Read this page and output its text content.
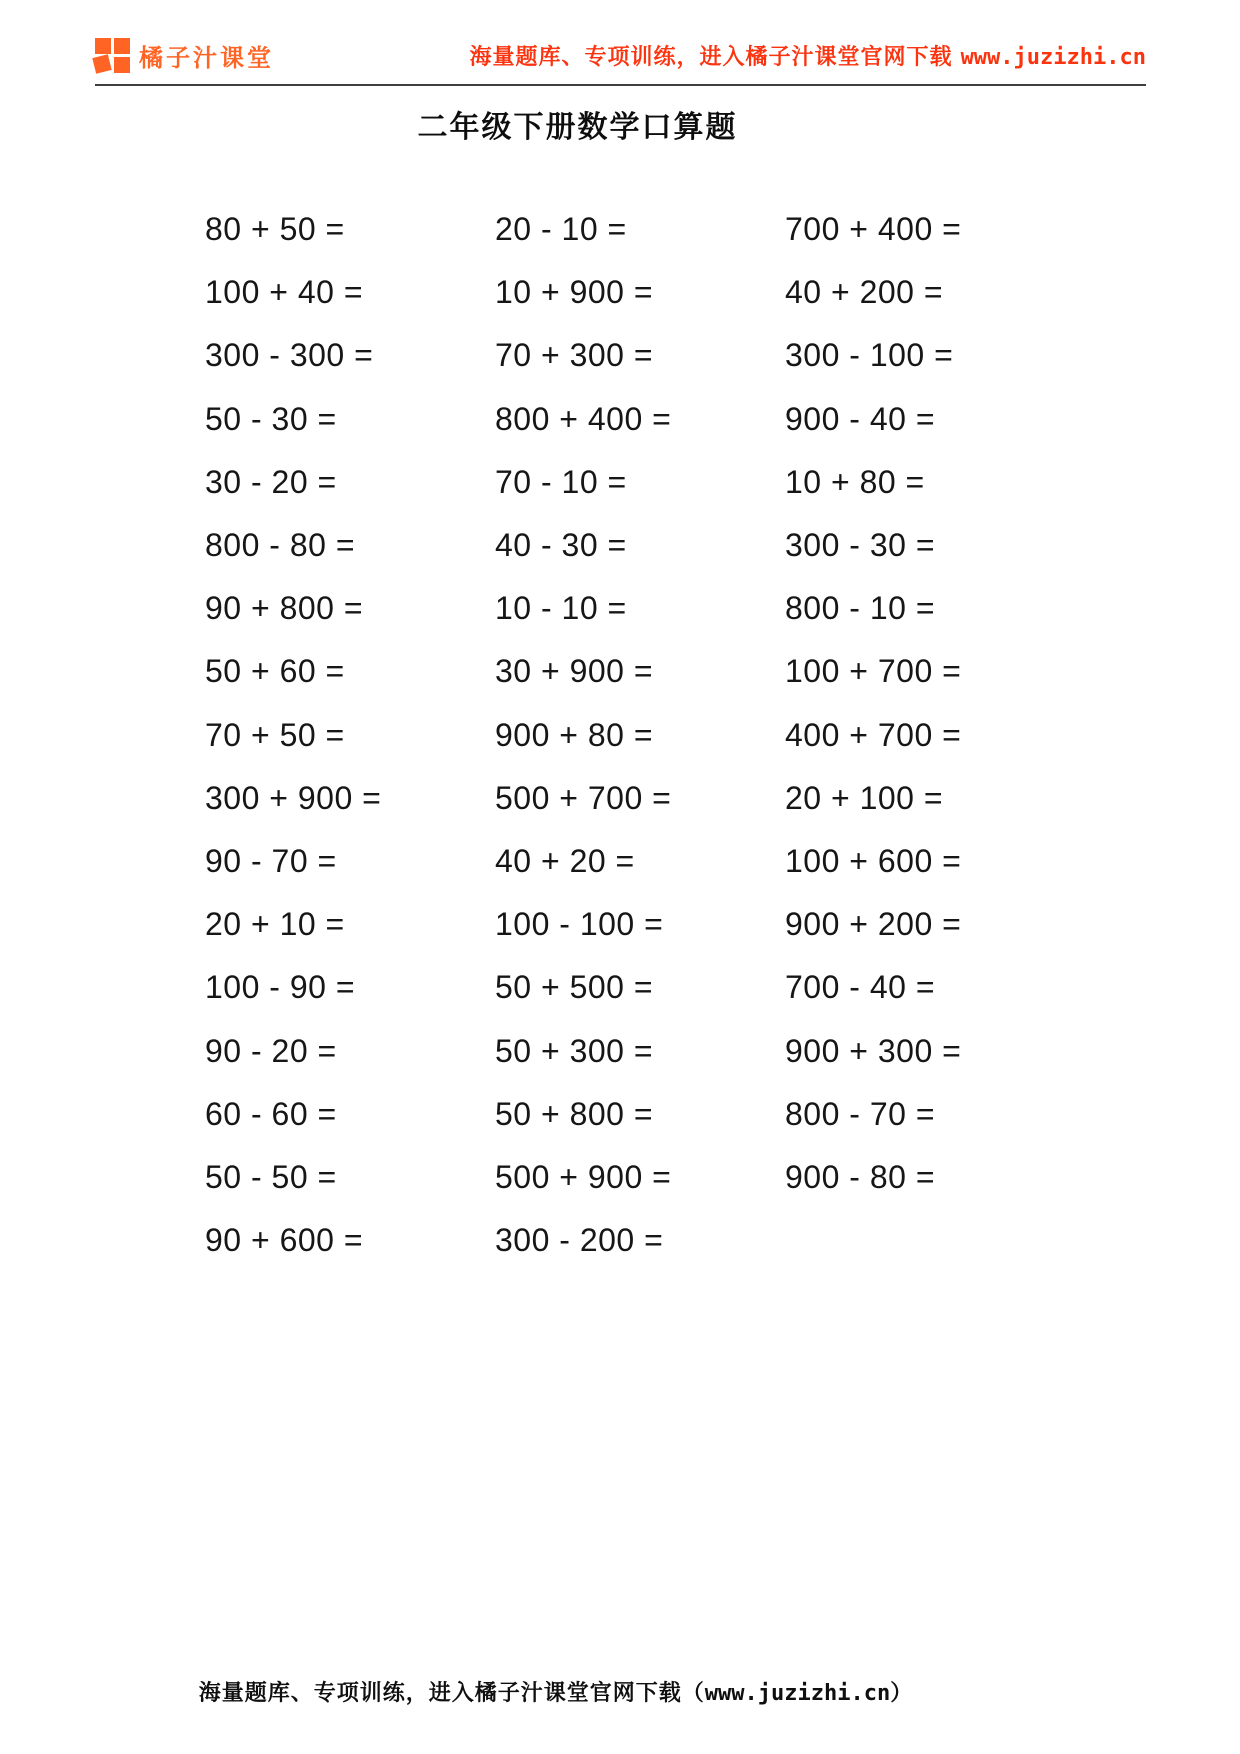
橘子汁课堂	海量题库、专项训练，进入橘子汁课堂官网下载 www.juzizhi.cn
二年级下册数学口算题
80 + 50 =	20 - 10 =	700 + 400 =
100 + 40 =	10 + 900 =	40 + 200 =
300 - 300 =	70 + 300 =	300 - 100 =
50 - 30 =	800 + 400 =	900 - 40 =
30 - 20 =	70 - 10 =	10 + 80 =
800 - 80 =	40 - 30 =	300 - 30 =
90 + 800 =	10 - 10 =	800 - 10 =
50 + 60 =	30 + 900 =	100 + 700 =
70 + 50 =	900 + 80 =	400 + 700 =
300 + 900 =	500 + 700 =	20 + 100 =
90 - 70 =	40 + 20 =	100 + 600 =
20 + 10 =	100 - 100 =	900 + 200 =
100 - 90 =	50 + 500 =	700 - 40 =
90 - 20 =	50 + 300 =	900 + 300 =
60 - 60 =	50 + 800 =	800 - 70 =
50 - 50 =	500 + 900 =	900 - 80 =
90 + 600 =	300 - 200 =
海量题库、专项训练，进入橘子汁课堂官网下载（www.juzizhi.cn）
